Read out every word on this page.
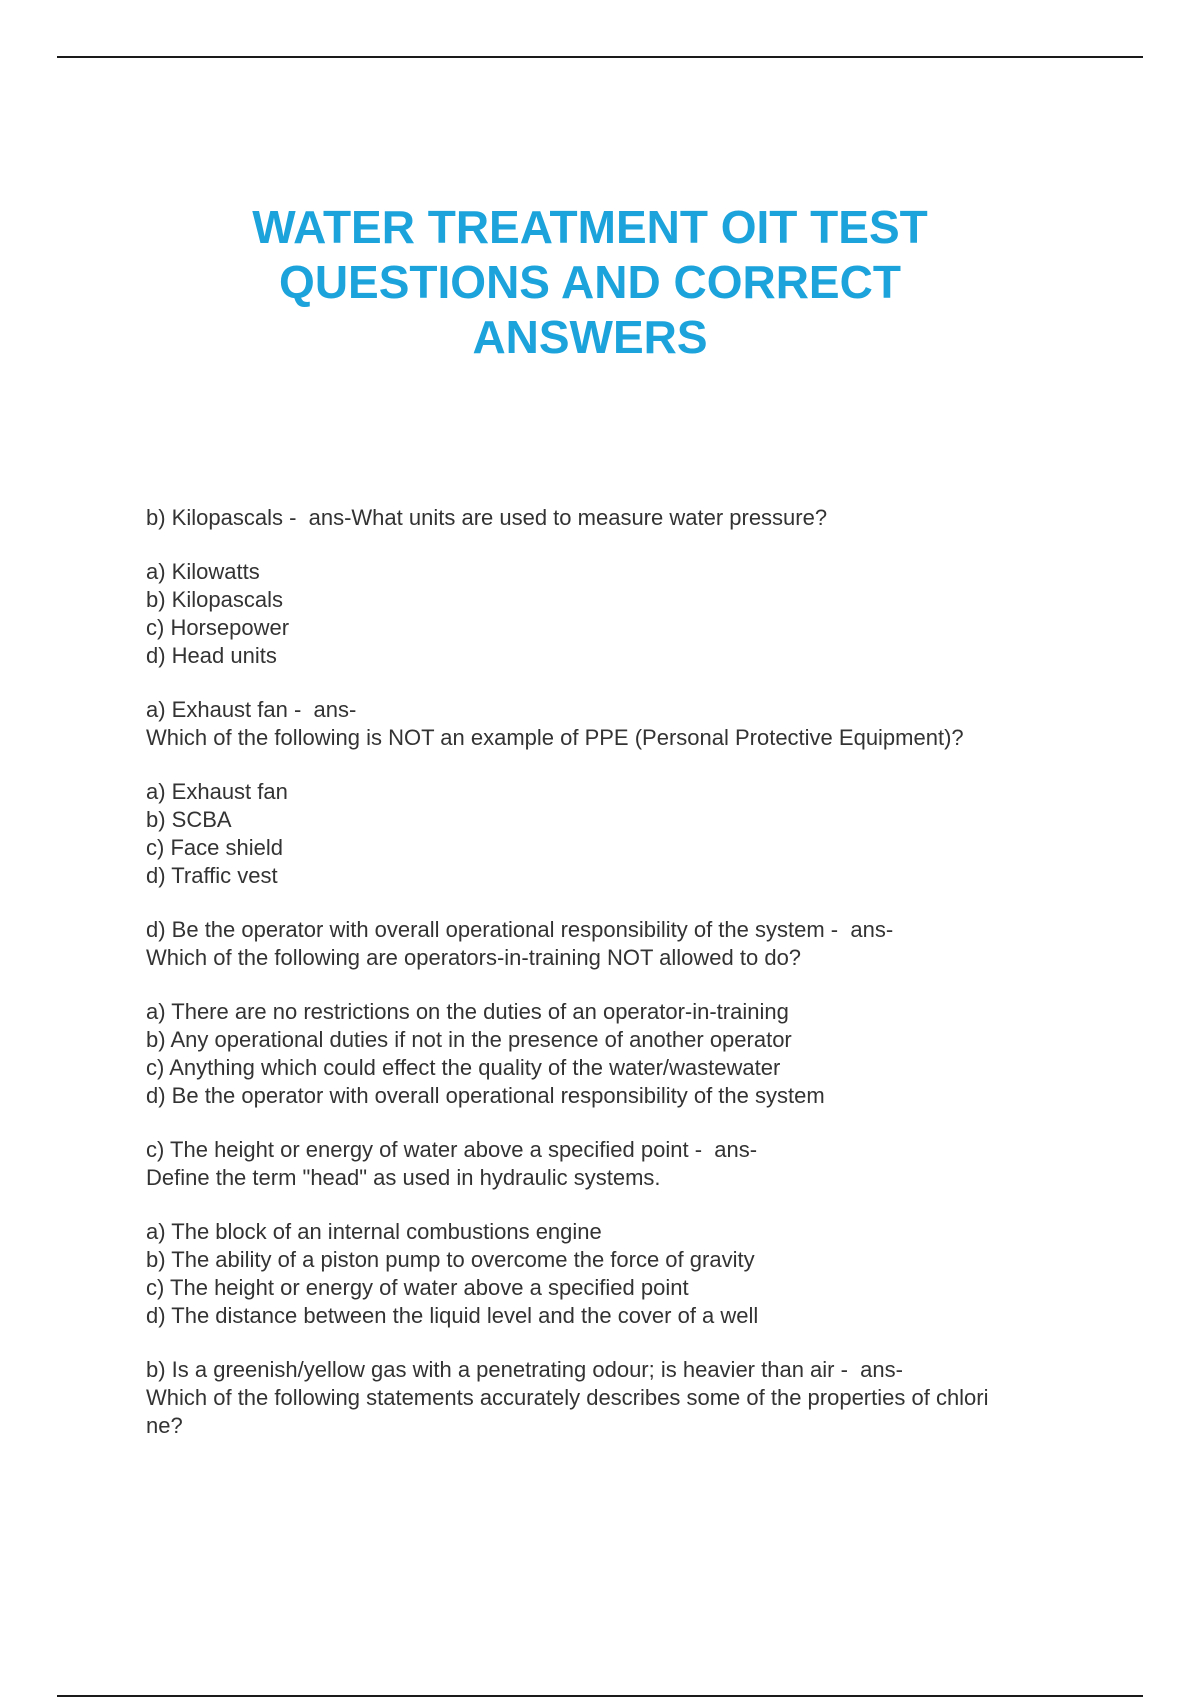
WATER TREATMENT OIT TEST
QUESTIONS AND CORRECT
ANSWERS
b) Kilopascals -  ans-What units are used to measure water pressure?
a) Kilowatts
b) Kilopascals
c) Horsepower
d) Head units
a) Exhaust fan -  ans-
Which of the following is NOT an example of PPE (Personal Protective Equipment)?
a) Exhaust fan
b) SCBA
c) Face shield
d) Traffic vest
d) Be the operator with overall operational responsibility of the system -  ans-
Which of the following are operators-in-training NOT allowed to do?
a) There are no restrictions on the duties of an operator-in-training
b) Any operational duties if not in the presence of another operator
c) Anything which could effect the quality of the water/wastewater
d) Be the operator with overall operational responsibility of the system
c) The height or energy of water above a specified point -  ans-
Define the term "head" as used in hydraulic systems.
a) The block of an internal combustions engine
b) The ability of a piston pump to overcome the force of gravity
c) The height or energy of water above a specified point
d) The distance between the liquid level and the cover of a well
b) Is a greenish/yellow gas with a penetrating odour; is heavier than air -  ans-
Which of the following statements accurately describes some of the properties of chlori
ne?
